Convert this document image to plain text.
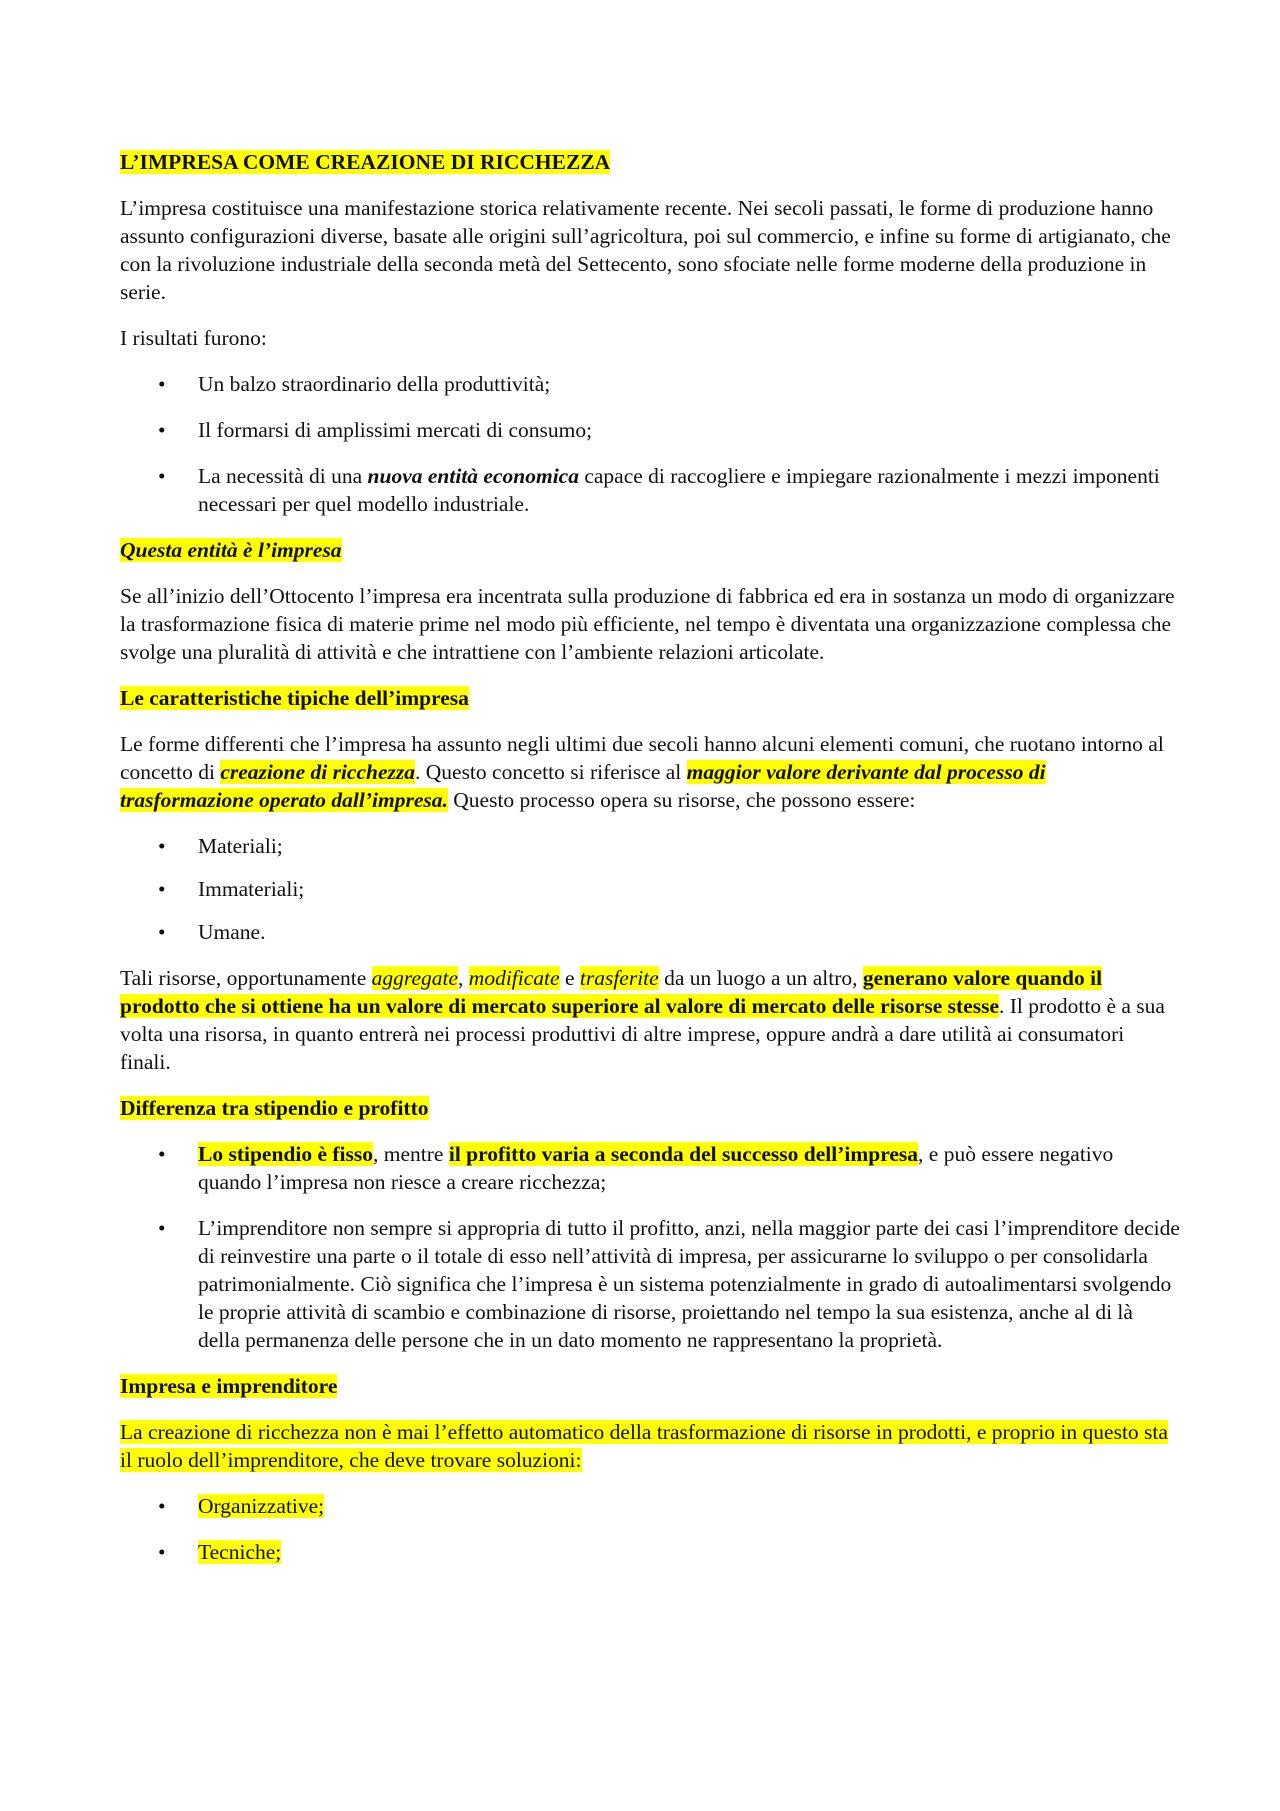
L’IMPRESA COME CREAZIONE DI RICCHEZZA

L’impresa costituisce una manifestazione storica relativamente recente. Nei secoli passati, le forme di produzione hanno assunto configurazioni diverse, basate alle origini sull’agricoltura, poi sul commercio, e infine su forme di artigianato, che con la rivoluzione industriale della seconda metà del Settecento, sono sfociate nelle forme moderne della produzione in serie.

I risultati furono:

• Un balzo straordinario della produttività;
• Il formarsi di amplissimi mercati di consumo;
• La necessità di una nuova entità economica capace di raccogliere e impiegare razionalmente i mezzi imponenti necessari per quel modello industriale.

Questa entità è l’impresa

Se all’inizio dell’Ottocento l’impresa era incentrata sulla produzione di fabbrica ed era in sostanza un modo di organizzare la trasformazione fisica di materie prime nel modo più efficiente, nel tempo è diventata una organizzazione complessa che svolge una pluralità di attività e che intrattiene con l’ambiente relazioni articolate.

Le caratteristiche tipiche dell’impresa

Le forme differenti che l’impresa ha assunto negli ultimi due secoli hanno alcuni elementi comuni, che ruotano intorno al concetto di creazione di ricchezza. Questo concetto si riferisce al maggior valore derivante dal processo di trasformazione operato dall’impresa. Questo processo opera su risorse, che possono essere:

• Materiali;
• Immateriali;
• Umane.

Tali risorse, opportunamente aggregate, modificate e trasferite da un luogo a un altro, generano valore quando il prodotto che si ottiene ha un valore di mercato superiore al valore di mercato delle risorse stesse. Il prodotto è a sua volta una risorsa, in quanto entrerà nei processi produttivi di altre imprese, oppure andrà a dare utilità ai consumatori finali.

Differenza tra stipendio e profitto

• Lo stipendio è fisso, mentre il profitto varia a seconda del successo dell’impresa, e può essere negativo quando l’impresa non riesce a creare ricchezza;
• L’imprenditore non sempre si appropria di tutto il profitto, anzi, nella maggior parte dei casi l’imprenditore decide di reinvestire una parte o il totale di esso nell’attività di impresa, per assicurarne lo sviluppo o per consolidarla patrimonialmente. Ciò significa che l’impresa è un sistema potenzialmente in grado di autoalimentarsi svolgendo le proprie attività di scambio e combinazione di risorse, proiettando nel tempo la sua esistenza, anche al di là della permanenza delle persone che in un dato momento ne rappresentano la proprietà.

Impresa e imprenditore

La creazione di ricchezza non è mai l’effetto automatico della trasformazione di risorse in prodotti, e proprio in questo sta il ruolo dell’imprenditore, che deve trovare soluzioni:

• Organizzative;
• Tecniche;
